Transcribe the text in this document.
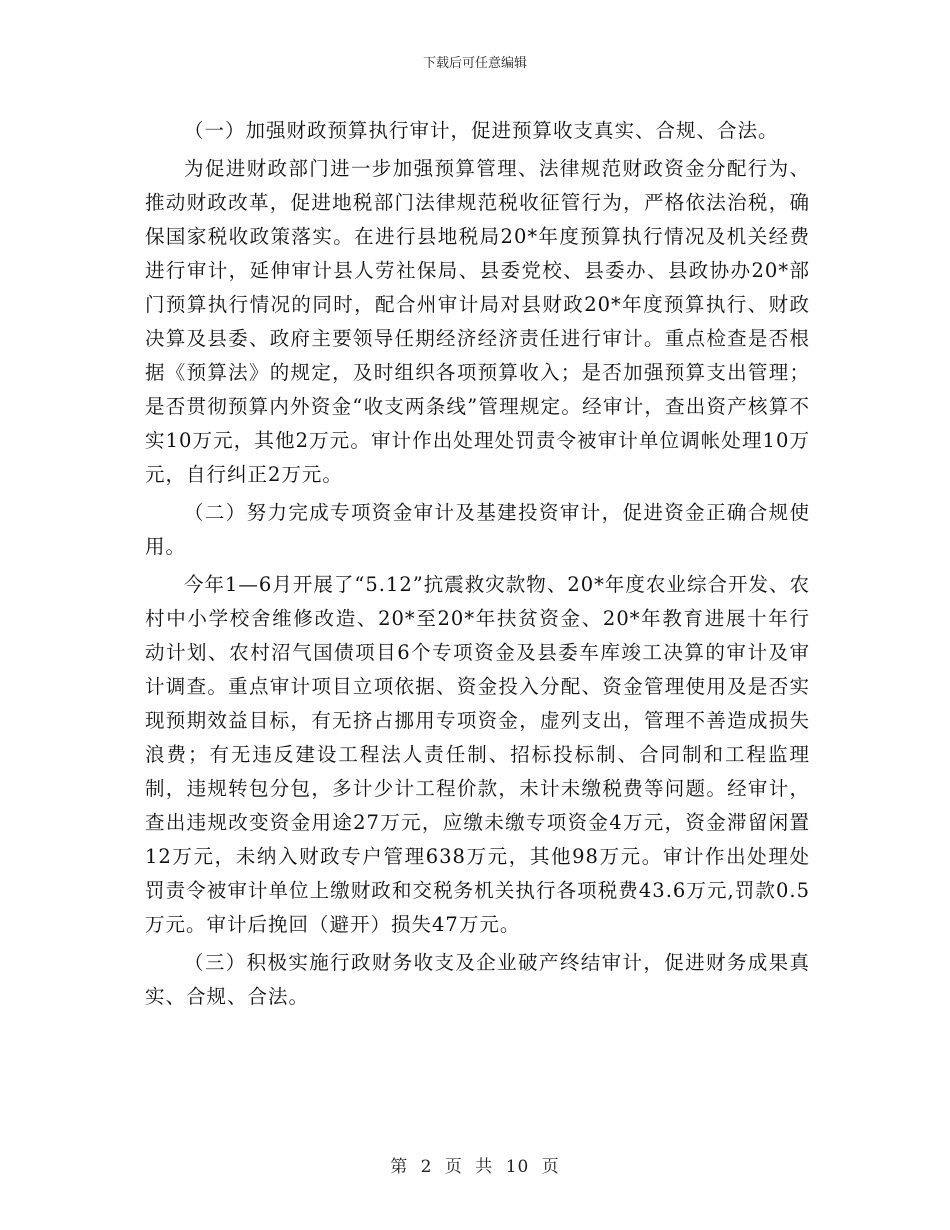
下载后可任意编辑

（一）加强财政预算执行审计，促进预算收支真实、合规、合法。

为促进财政部门进一步加强预算管理、法律规范财政资金分配行为、推动财政改革，促进地税部门法律规范税收征管行为，严格依法治税，确保国家税收政策落实。在进行县地税局20*年度预算执行情况及机关经费进行审计，延伸审计县人劳社保局、县委党校、县委办、县政协办20*部门预算执行情况的同时，配合州审计局对县财政20*年度预算执行、财政决算及县委、政府主要领导任期经济经济责任进行审计。重点检查是否根据《预算法》的规定，及时组织各项预算收入；是否加强预算支出管理；是否贯彻预算内外资金“收支两条线”管理规定。经审计，查出资产核算不实10万元，其他2万元。审计作出处理处罚责令被审计单位调帐处理10万元，自行纠正2万元。

（二）努力完成专项资金审计及基建投资审计，促进资金正确合规使用。

今年1—6月开展了“5.12”抗震救灾款物、20*年度农业综合开发、农村中小学校舍维修改造、20*至20*年扶贫资金、20*年教育进展十年行动计划、农村沼气国债项目6个专项资金及县委车库竣工决算的审计及审计调查。重点审计项目立项依据、资金投入分配、资金管理使用及是否实现预期效益目标，有无挤占挪用专项资金，虚列支出，管理不善造成损失浪费；有无违反建设工程法人责任制、招标投标制、合同制和工程监理制，违规转包分包，多计少计工程价款，未计未缴税费等问题。经审计，查出违规改变资金用途27万元，应缴未缴专项资金4万元，资金滞留闲置12万元，未纳入财政专户管理638万元，其他98万元。审计作出处理处罚责令被审计单位上缴财政和交税务机关执行各项税费43.6万元,罚款0.5万元。审计后挽回（避开）损失47万元。

（三）积极实施行政财务收支及企业破产终结审计，促进财务成果真实、合规、合法。

第 2 页 共 10 页
